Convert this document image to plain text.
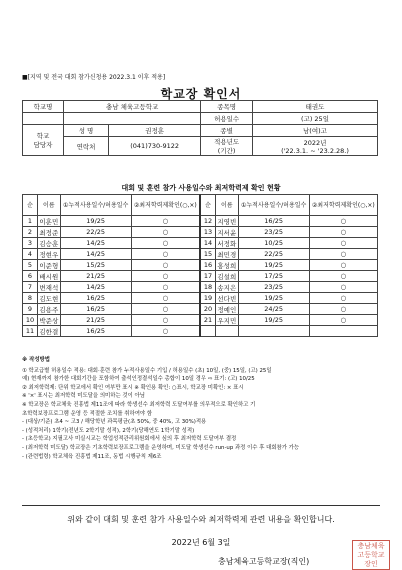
■[지역 및 전국 대회 참가신청용 2022.3.1 이후 적용]
학교장 확인서
학교명	충남 체육고등학교		종목명	태권도
			허용일수	(고) 25일
학교
담당자	성 명	권정훈	종별	남(여)고
	연락처	(041)730-9122	적용년도
(기간)	2022년
('22.3.1. ~ '23.2.28.)

대회 및 훈련 참가 사용일수와 최저학력제 확인 현황
순	이름	①누적사용일수/허용일수	②최저학력제확인(○,×)	순	이름	①누적사용일수/허용일수	②최저학력제확인(○,×)
1	이훈민	19/25	○	12	지영빈	16/25	○
2	최정준	22/25	○	13	지서윤	23/25	○
3	김승훈	14/25	○	14	서정화	10/25	○
4	정현우	14/25	○	15	최민경	22/25	○
5	이준형	15/25	○	16	홍성희	19/25	○
6	배시원	21/25	○	17	김설희	17/25	○
7	변재석	14/25	○	18	송지은	23/25	○
8	김도현	16/25	○	19	선다빈	19/25	○
9	김용주	16/25	○	20	정예인	24/25	○
10	박준상	21/25	○	21	우지민	19/25	○
11	김한결	16/25	○				
※ 작성방법
① 학교급별 허용일수 적용: 대회·훈련 참가 누적사용일수 기입 / 허용일수 (초) 10일, (중) 15일, (고) 25일
예) 현재까지 참가한 대회기간을 포함하여 출석인정결석일수 총합이 10일 경우 ⇨ 표기: (고) 10/25
② 최저학력제: 단위 학교에서 확인 여부만 표시 ※ 확인용 확인: ○표시, 학교장 미확인: × 표시
※ '×' 표시는 최저학력 미도달을 의미하는 것이 아님
※ 학교장은 학교체육 진흥법 제11조에 따라 학생선수 최저학력 도달여부를 의무적으로 확인하고 기
초학력보장프로그램 운영 등 적절한 조치를 취하여야 함
- (대상/기준) 초4 ~ 고3 / 해당학년 과목평균(초 50%, 중 40%, 고 30%)적용
- (성적처리) 1학기(전년도 2학기말 성적), 2학기(당해연도 1학기말 성적)
- (초등학교) 지필고사 미실시교는 학업성적관리위원회에서 심의 후 최저학력 도달여부 결정
- (최저학력 미도달) 학교장은 기초학력보장프로그램을 운영하며, 미도달 학생선수 run-up 과정 이수 후 대회참가 가능
- (관련법령) 학교체육 진흥법 제11조, 동법 시행규칙 제6조
위와 같이 대회 및 훈련 참가 사용일수와 최저학력제 관련 내용을 확인합니다.
2022년 6월 3일
충남체육고등학교장(직인)
충남체육
고등학교
장인
